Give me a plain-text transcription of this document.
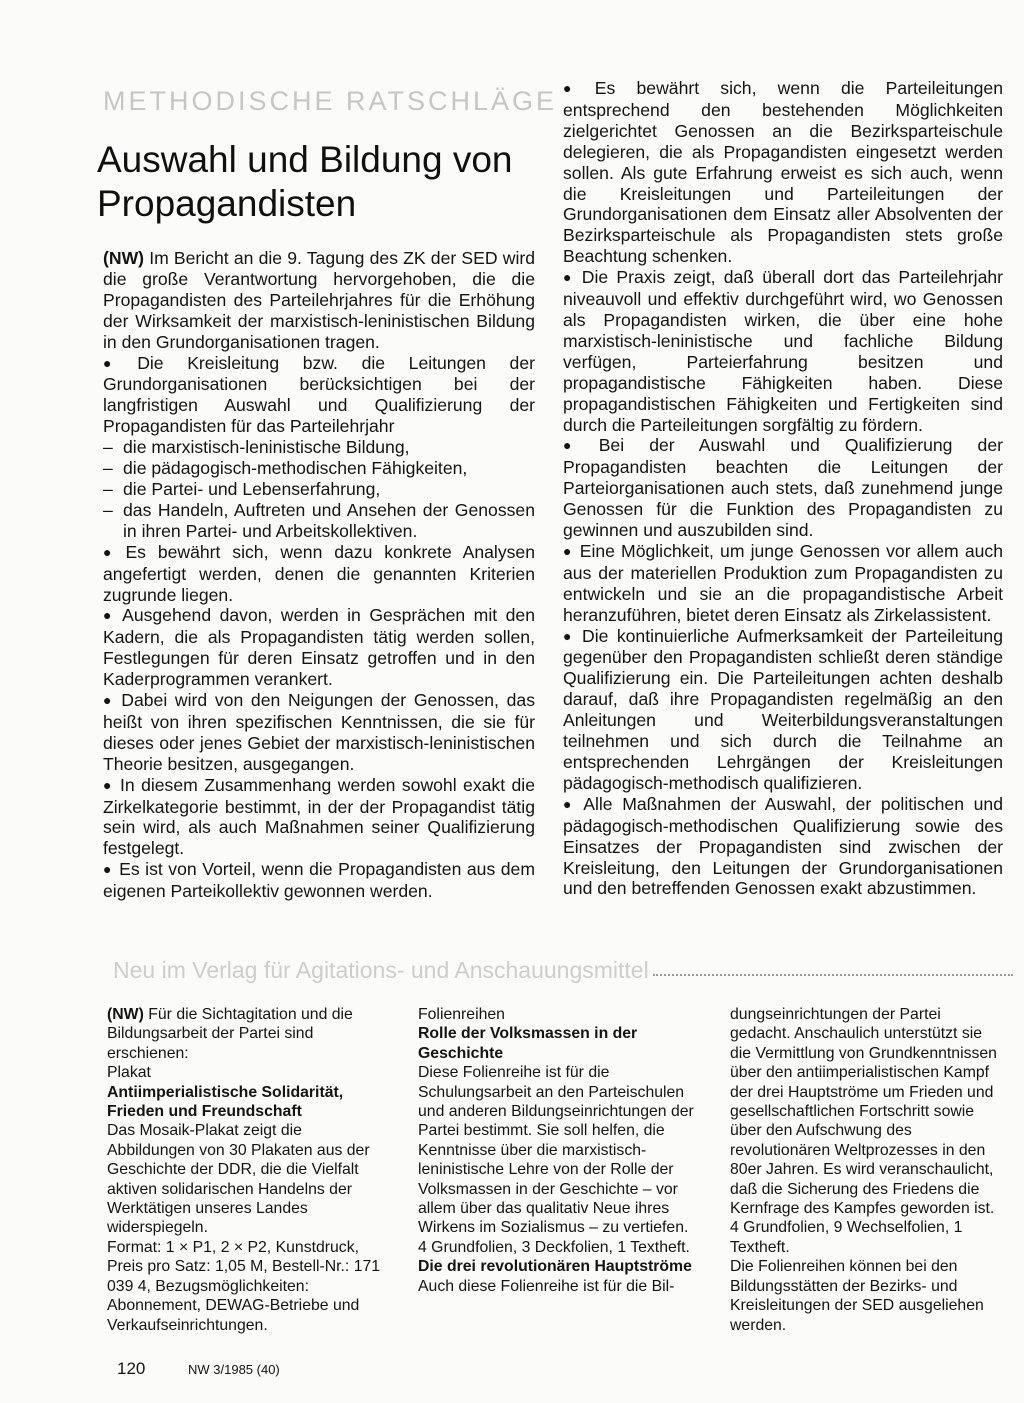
METHODISCHE RATSCHLÄGE
Auswahl und Bildung von Propagandisten

(NW) Im Bericht an die 9. Tagung des ZK der SED wird die große Verantwortung hervorgehoben, die die Propagandisten des Parteilehrjahres für die Erhöhung der Wirksamkeit der marxistisch-leninistischen Bildung in den Grundorganisationen tragen.

● Die Kreisleitung bzw. die Leitungen der Grundorganisationen berücksichtigen bei der langfristigen Auswahl und Qualifizierung der Propagandisten für das Parteilehrjahr

– die marxistisch-leninistische Bildung,
– die pädagogisch-methodischen Fähigkeiten,
– die Partei- und Lebenserfahrung,
– das Handeln, Auftreten und Ansehen der Genossen in ihren Partei- und Arbeitskollektiven.

● Es bewährt sich, wenn dazu konkrete Analysen angefertigt werden, denen die genannten Kriterien zugrunde liegen.

● Ausgehend davon, werden in Gesprächen mit den Kadern, die als Propagandisten tätig werden sollen, Festlegungen für deren Einsatz getroffen und in den Kaderprogrammen verankert.

● Dabei wird von den Neigungen der Genossen, das heißt von ihren spezifischen Kenntnissen, die sie für dieses oder jenes Gebiet der marxistisch-leninistischen Theorie besitzen, ausgegangen.

● In diesem Zusammenhang werden sowohl exakt die Zirkelkategorie bestimmt, in der der Propagandist tätig sein wird, als auch Maßnahmen seiner Qualifizierung festgelegt.

● Es ist von Vorteil, wenn die Propagandisten aus dem eigenen Parteikollektiv gewonnen werden.

● Es bewährt sich, wenn die Parteileitungen entsprechend den bestehenden Möglichkeiten zielgerichtet Genossen an die Bezirksparteischule delegieren, die als Propagandisten eingesetzt werden sollen. Als gute Erfahrung erweist es sich auch, wenn die Kreisleitungen und Parteileitungen der Grundorganisationen dem Einsatz aller Absolventen der Bezirksparteischule als Propagandisten stets große Beachtung schenken.

● Die Praxis zeigt, daß überall dort das Parteilehrjahr niveauvoll und effektiv durchgeführt wird, wo Genossen als Propagandisten wirken, die über eine hohe marxistisch-leninistische und fachliche Bildung verfügen, Parteierfahrung besitzen und propagandistische Fähigkeiten haben. Diese propagandistischen Fähigkeiten und Fertigkeiten sind durch die Parteileitungen sorgfältig zu fördern.

● Bei der Auswahl und Qualifizierung der Propagandisten beachten die Leitungen der Parteiorganisationen auch stets, daß zunehmend junge Genossen für die Funktion des Propagandisten zu gewinnen und auszubilden sind.

● Eine Möglichkeit, um junge Genossen vor allem auch aus der materiellen Produktion zum Propagandisten zu entwickeln und sie an die propagandistische Arbeit heranzuführen, bietet deren Einsatz als Zirkelassistent.

● Die kontinuierliche Aufmerksamkeit der Parteileitung gegenüber den Propagandisten schließt deren ständige Qualifizierung ein. Die Parteileitungen achten deshalb darauf, daß ihre Propagandisten regelmäßig an den Anleitungen und Weiterbildungsveranstaltungen teilnehmen und sich durch die Teilnahme an entsprechenden Lehrgängen der Kreisleitungen pädagogisch-methodisch qualifizieren.

● Alle Maßnahmen der Auswahl, der politischen und pädagogisch-methodischen Qualifizierung sowie des Einsatzes der Propagandisten sind zwischen der Kreisleitung, den Leitungen der Grundorganisationen und den betreffenden Genossen exakt abzustimmen.

Neu im Verlag für Agitations- und Anschauungsmittel

(NW) Für die Sichtagitation und die Bildungsarbeit der Partei sind erschienen:

Plakat

Antiimperialistische Solidarität, Frieden und Freundschaft

Das Mosaik-Plakat zeigt die Abbildungen von 30 Plakaten aus der Geschichte der DDR, die die Vielfalt aktiven solidarischen Handelns der Werktätigen unseres Landes widerspiegeln.

Format: 1 × P1, 2 × P2, Kunstdruck, Preis pro Satz: 1,05 M, Bestell-Nr.: 171 039 4, Bezugsmöglichkeiten: Abonnement, DEWAG-Betriebe und Verkaufseinrichtungen.

Folienreihen

Rolle der Volksmassen in der Geschichte

Diese Folienreihe ist für die Schulungsarbeit an den Parteischulen und anderen Bildungseinrichtungen der Partei bestimmt. Sie soll helfen, die Kenntnisse über die marxistisch-leninistische Lehre von der Rolle der Volksmassen in der Geschichte – vor allem über das qualitativ Neue ihres Wirkens im Sozialismus – zu vertiefen.

4 Grundfolien, 3 Deckfolien, 1 Textheft.

Die drei revolutionären Hauptströme

Auch diese Folienreihe ist für die Bil-

dungseinrichtungen der Partei gedacht. Anschaulich unterstützt sie die Vermittlung von Grundkenntnissen über den antiimperialistischen Kampf der drei Hauptströme um Frieden und gesellschaftlichen Fortschritt sowie über den Aufschwung des revolutionären Weltprozesses in den 80er Jahren. Es wird veranschaulicht, daß die Sicherung des Friedens die Kernfrage des Kampfes geworden ist.

4 Grundfolien, 9 Wechselfolien, 1 Textheft.

Die Folienreihen können bei den Bildungsstätten der Bezirks- und Kreisleitungen der SED ausgeliehen werden.

120	NW 3/1985 (40)
